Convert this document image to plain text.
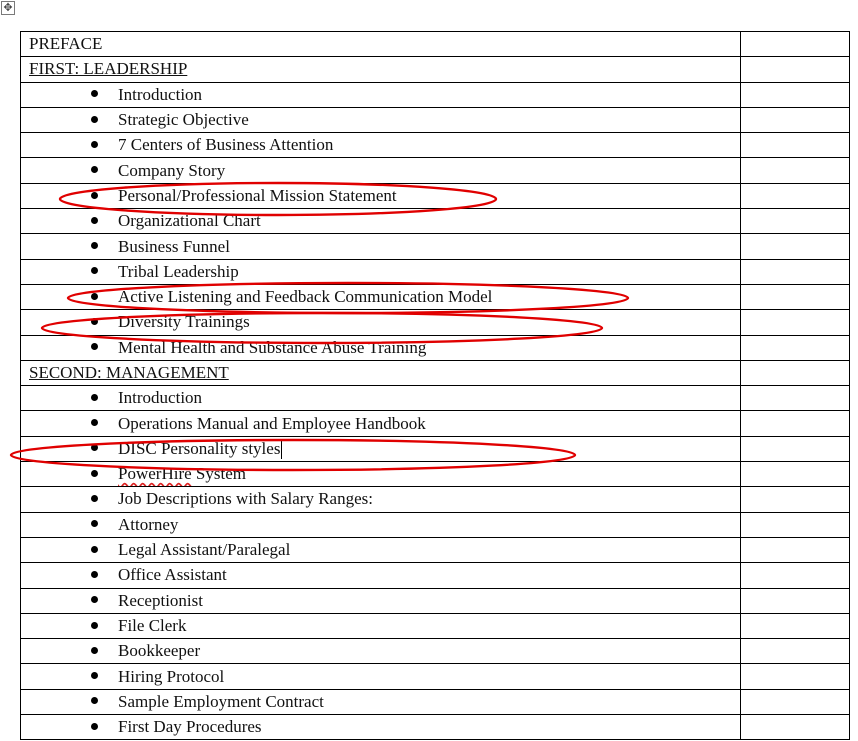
✥
PREFACE	
FIRST: LEADERSHIP	
Introduction	
Strategic Objective	
7 Centers of Business Attention	
Company Story	
Personal/Professional Mission Statement	
Organizational Chart	
Business Funnel	
Tribal Leadership	
Active Listening and Feedback Communication Model	
Diversity Trainings	
Mental Health and Substance Abuse Training	
SECOND: MANAGEMENT	
Introduction	
Operations Manual and Employee Handbook	
DISC Personality styles	
PowerHire System	
Job Descriptions with Salary Ranges:	
Attorney	
Legal Assistant/Paralegal	
Office Assistant	
Receptionist	
File Clerk	
Bookkeeper	
Hiring Protocol	
Sample Employment Contract	
First Day Procedures	
